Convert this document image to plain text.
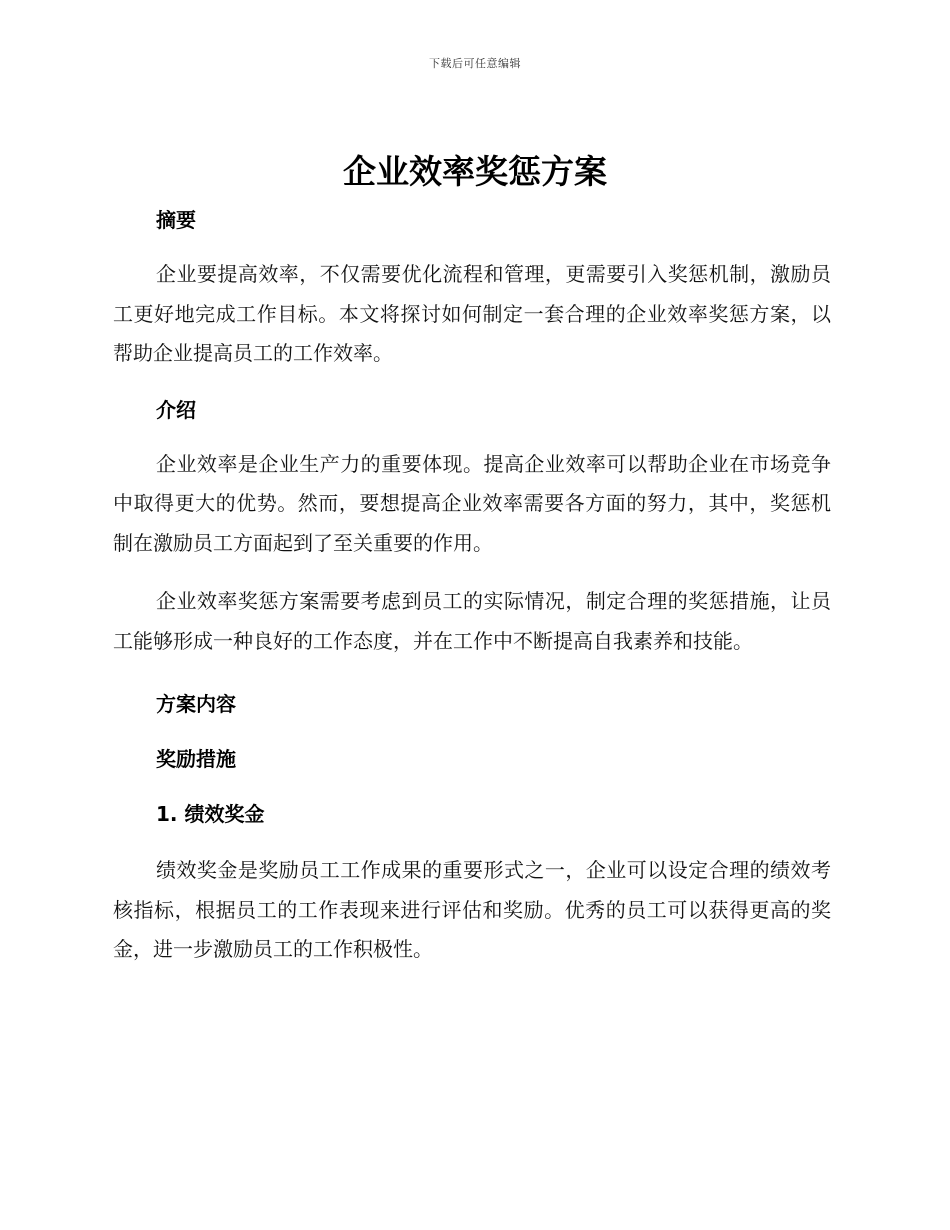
下载后可任意编辑
企业效率奖惩方案
摘要

企业要提高效率，不仅需要优化流程和管理，更需要引入奖惩机制，激励员工更好地完成工作目标。本文将探讨如何制定一套合理的企业效率奖惩方案，以帮助企业提高员工的工作效率。

介绍

企业效率是企业生产力的重要体现。提高企业效率可以帮助企业在市场竞争中取得更大的优势。然而，要想提高企业效率需要各方面的努力，其中，奖惩机制在激励员工方面起到了至关重要的作用。

企业效率奖惩方案需要考虑到员工的实际情况，制定合理的奖惩措施，让员工能够形成一种良好的工作态度，并在工作中不断提高自我素养和技能。

方案内容
奖励措施
1. 绩效奖金

绩效奖金是奖励员工工作成果的重要形式之一，企业可以设定合理的绩效考核指标，根据员工的工作表现来进行评估和奖励。优秀的员工可以获得更高的奖金，进一步激励员工的工作积极性。
